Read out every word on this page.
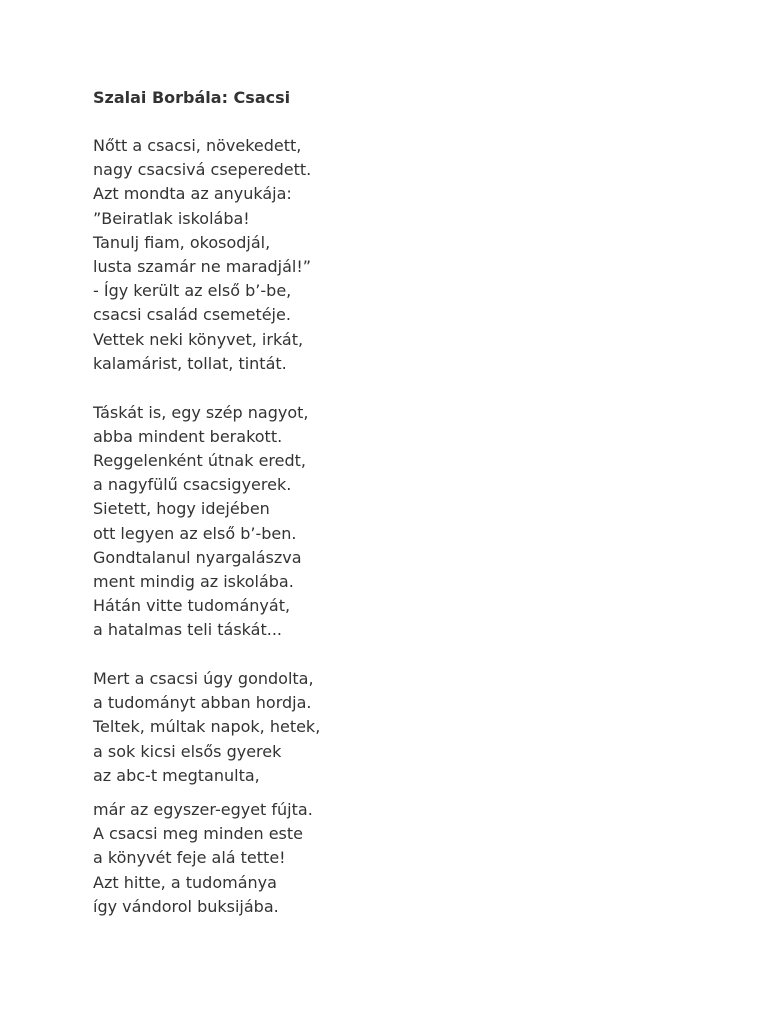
Szalai Borbála: Csacsi
Nőtt a csacsi, növekedett,
nagy csacsivá cseperedett.
Azt mondta az anyukája:
”Beiratlak iskolába!
Tanulj fiam, okosodjál,
lusta szamár ne maradjál!”
- Így került az első b’-be,
csacsi család csemetéje.
Vettek neki könyvet, irkát,
kalamárist, tollat, tintát.
Táskát is, egy szép nagyot,
abba mindent berakott.
Reggelenként útnak eredt,
a nagyfülű csacsigyerek.
Sietett, hogy idejében
ott legyen az első b’-ben.
Gondtalanul nyargalászva
ment mindig az iskolába.
Hátán vitte tudományát,
a hatalmas teli táskát...
Mert a csacsi úgy gondolta,
a tudományt abban hordja.
Teltek, múltak napok, hetek,
a sok kicsi elsős gyerek
az abc-t megtanulta,
már az egyszer-egyet fújta.
A csacsi meg minden este
a könyvét feje alá tette!
Azt hitte, a tudománya
így vándorol buksijába.
